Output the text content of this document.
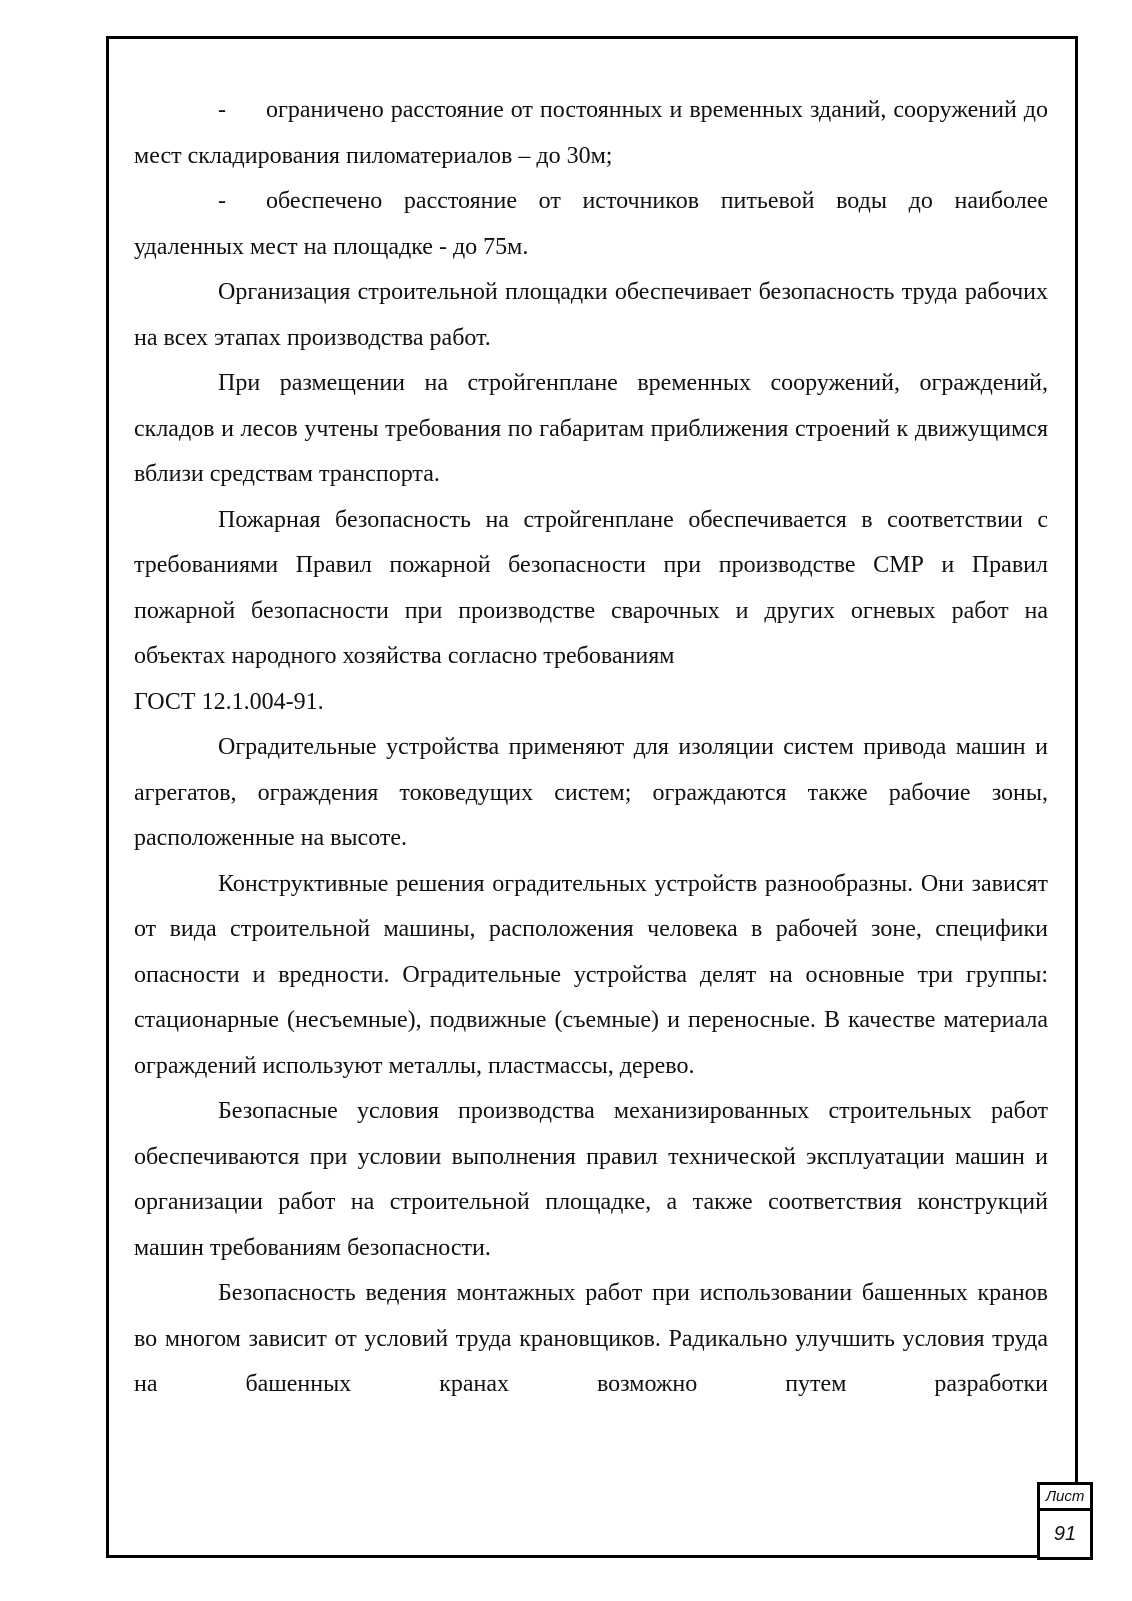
- ограничено расстояние от постоянных и временных зданий, сооружений до мест складирования пиломатериалов – до 30м;

- обеспечено расстояние от источников питьевой воды до наиболее удаленных мест на площадке - до 75м.

Организация строительной площадки обеспечивает безопасность труда рабочих на всех этапах производства работ.

При размещении на стройгенплане временных сооружений, ограждений, складов и лесов учтены требования по габаритам приближения строений к движущимся вблизи средствам транспорта.

Пожарная безопасность на стройгенплане обеспечивается в соответствии с требованиями Правил пожарной безопасности при производстве СМР и Правил пожарной безопасности при производстве сварочных и других огневых работ на объектах народного хозяйства согласно требованиям
ГОСТ 12.1.004-91.

Оградительные устройства применяют для изоляции систем привода машин и агрегатов, ограждения токоведущих систем; ограждаются также рабочие зоны, расположенные на высоте.

Конструктивные решения оградительных устройств разнообразны. Они зависят от вида строительной машины, расположения человека в рабочей зоне, специфики опасности и вредности. Оградительные устройства делят на основные три группы: стационарные (несъемные), подвижные (съемные) и переносные. В качестве материала ограждений используют металлы, пластмассы, дерево.

Безопасные условия производства механизированных строительных работ обеспечиваются при условии выполнения правил технической эксплуатации машин и организации работ на строительной площадке, а также соответствия конструкций машин требованиям безопасности.

Безопасность ведения монтажных работ при использовании башенных кранов во многом зависит от условий труда крановщиков. Радикально улучшить условия труда на башенных кранах возможно путем разработки

Лист
91
